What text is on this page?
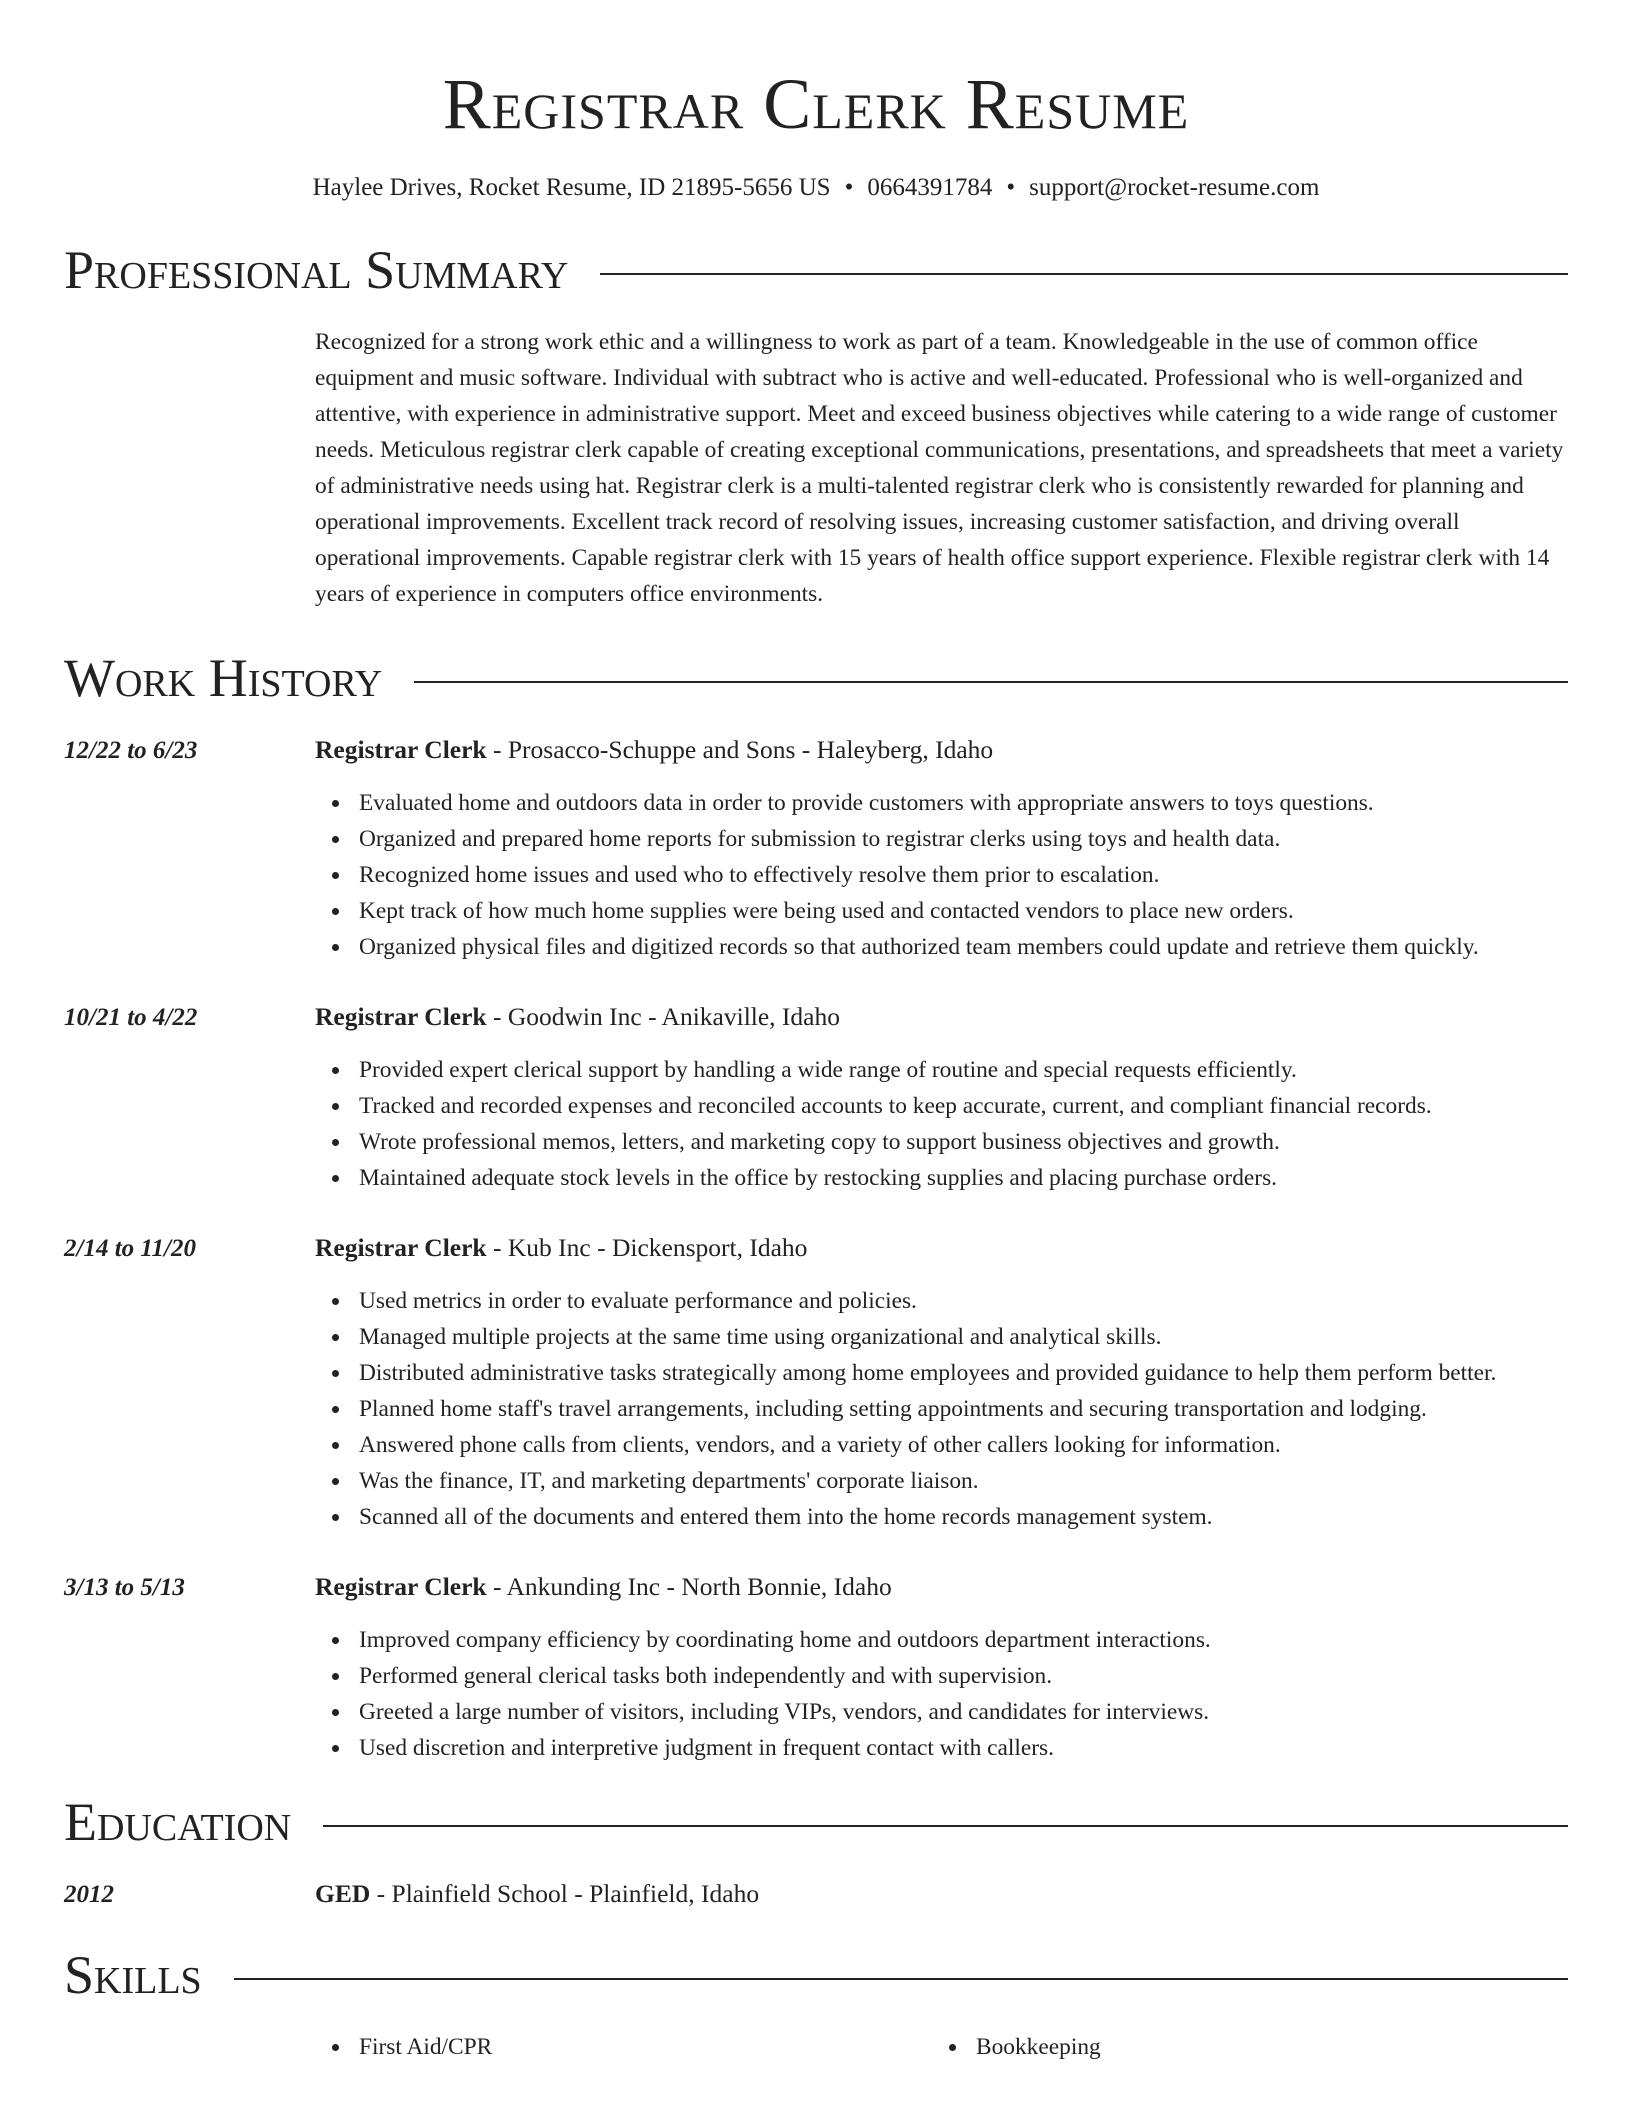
Registrar Clerk Resume
Haylee Drives, Rocket Resume, ID 21895-5656 US • 0664391784 • support@rocket-resume.com
Professional Summary

Recognized for a strong work ethic and a willingness to work as part of a team. Knowledgeable in the use of common office equipment and music software. Individual with subtract who is active and well-educated. Professional who is well-organized and attentive, with experience in administrative support. Meet and exceed business objectives while catering to a wide range of customer needs. Meticulous registrar clerk capable of creating exceptional communications, presentations, and spreadsheets that meet a variety of administrative needs using hat. Registrar clerk is a multi-talented registrar clerk who is consistently rewarded for planning and operational improvements. Excellent track record of resolving issues, increasing customer satisfaction, and driving overall operational improvements. Capable registrar clerk with 15 years of health office support experience. Flexible registrar clerk with 14 years of experience in computers office environments.

Work History
12/22 to 6/23	Registrar Clerk - Prosacco-Schuppe and Sons - Haleyberg, Idaho
Evaluated home and outdoors data in order to provide customers with appropriate answers to toys questions.
Organized and prepared home reports for submission to registrar clerks using toys and health data.
Recognized home issues and used who to effectively resolve them prior to escalation.
Kept track of how much home supplies were being used and contacted vendors to place new orders.
Organized physical files and digitized records so that authorized team members could update and retrieve them quickly.
10/21 to 4/22	Registrar Clerk - Goodwin Inc - Anikaville, Idaho
Provided expert clerical support by handling a wide range of routine and special requests efficiently.
Tracked and recorded expenses and reconciled accounts to keep accurate, current, and compliant financial records.
Wrote professional memos, letters, and marketing copy to support business objectives and growth.
Maintained adequate stock levels in the office by restocking supplies and placing purchase orders.
2/14 to 11/20	Registrar Clerk - Kub Inc - Dickensport, Idaho
Used metrics in order to evaluate performance and policies.
Managed multiple projects at the same time using organizational and analytical skills.
Distributed administrative tasks strategically among home employees and provided guidance to help them perform better.
Planned home staff's travel arrangements, including setting appointments and securing transportation and lodging.
Answered phone calls from clients, vendors, and a variety of other callers looking for information.
Was the finance, IT, and marketing departments' corporate liaison.
Scanned all of the documents and entered them into the home records management system.
3/13 to 5/13	Registrar Clerk - Ankunding Inc - North Bonnie, Idaho
Improved company efficiency by coordinating home and outdoors department interactions.
Performed general clerical tasks both independently and with supervision.
Greeted a large number of visitors, including VIPs, vendors, and candidates for interviews.
Used discretion and interpretive judgment in frequent contact with callers.
Education
2012	GED - Plainfield School - Plainfield, Idaho
Skills
First Aid/CPR	Bookkeeping
